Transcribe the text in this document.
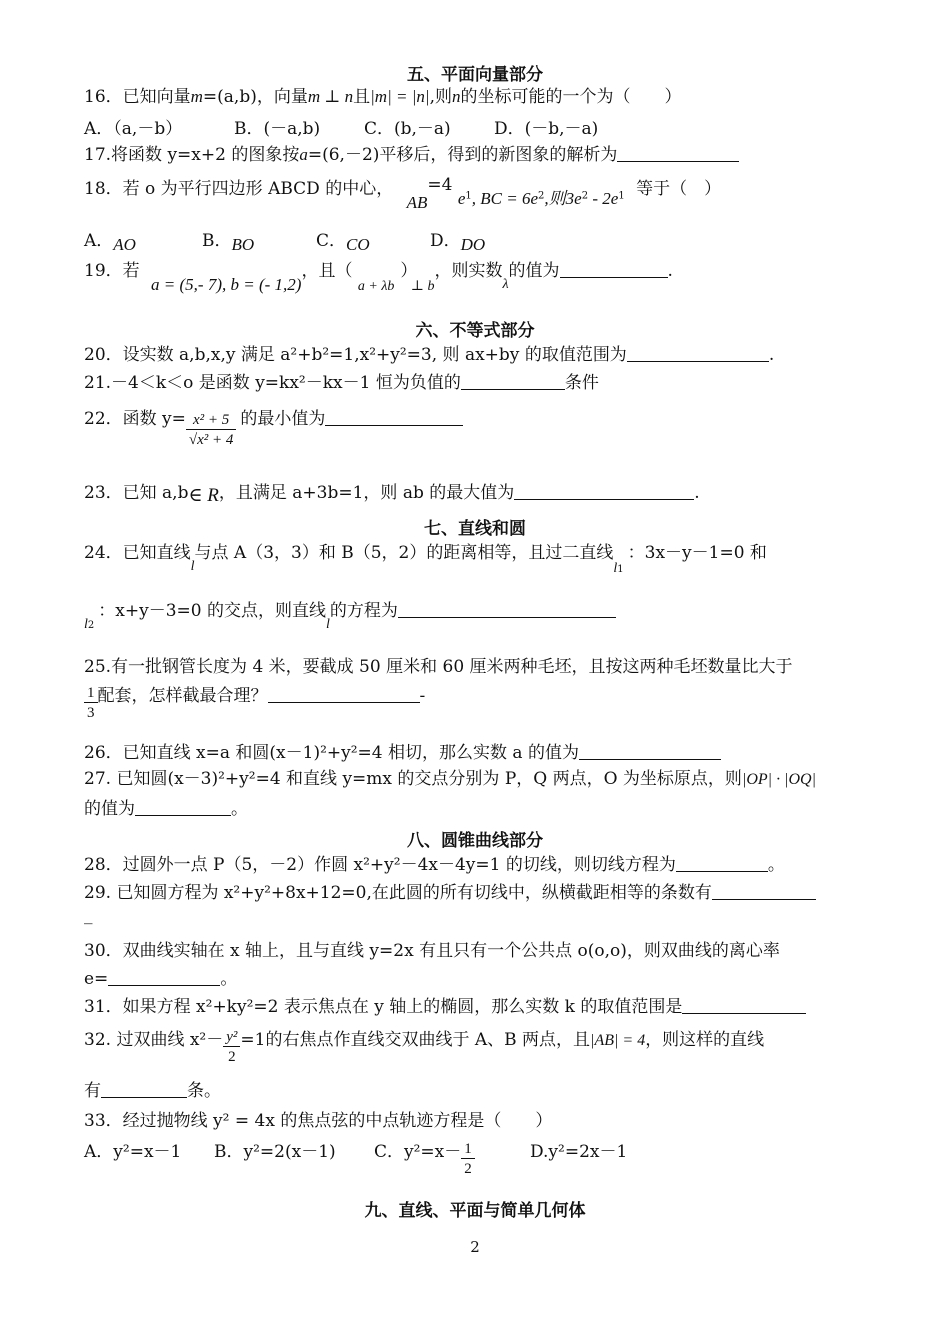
五、平面向量部分
16．已知向量m=(a,b)，向量m ⊥ n且|m| = |n|,则n的坐标可能的一个为（　　）
A．（a,－b）	B．(－a,b)	C．(b,－a)	D．(－b,－a)
17.将函数 y=x+2 的图象按a=(6,－2)平移后，得到的新图象的解析为
18．若 o 为平行四边形 ABCD 的中心， AB=4 $e_1$, BC = $6e_2$,则$3e_2 - 2e_1$ 等于（　）
A．AO	B．BO	C．CO	D．DO
19．若 a = (5,- 7), b = (- 1,2)，且（ $_{a + \lambda b}$） $_{\perp b}$，则实数$_\lambda$的值为	.
六、不等式部分
20．设实数 a,b,x,y 满足 a²+b²=1,x²+y²=3, 则 ax+by 的取值范围为	.
21.－4＜k＜o 是函数 y=kx²－kx－1 恒为负值的	条件
22．函数 $y= \frac{\text{x² + 5}}{\text{√x² + 4}}$ 的最小值为
23．已知 a,b∈ R，且满足 a+3b=1，则 ab 的最大值为	.
七、直线和圆
24．已知直线$_l$与点 A（3，3）和 B（5，2）的距离相等，且过二直线$_{l1}$：3x－y－1=0 和
$_{l2}$：x+y－3=0 的交点，则直线$_l$的方程为
25.有一批钢管长度为 4 米，要截成 50 厘米和 60 厘米两种毛坯，且按这两种毛坯数量比大于
$\frac{1}{3}$ 配套，怎样截最合理？	-
26．已知直线 x=a 和圆(x－1)²+y²=4 相切，那么实数 a 的值为
27. 已知圆(x－3)²+y²=4 和直线 y=mx 的交点分别为 P，Q 两点，O 为坐标原点，则|OP| · |OQ|
的值为	。
八、圆锥曲线部分
28．过圆外一点 P（5，－2）作圆 x²+y²－4x－4y=1 的切线，则切线方程为	。
29. 已知圆方程为 x²+y²+8x+12=0,在此圆的所有切线中，纵横截距相等的条数有
_
30．双曲线实轴在 x 轴上，且与直线 y=2x 有且只有一个公共点 o(o,o)，则双曲线的离心率
e=	。
31．如果方程 x²+ky²=2 表示焦点在 y 轴上的椭圆，那么实数 k 的取值范围是
32. 过双曲线 $x^2- \frac{\text{y²}}{2} =1$的右焦点作直线交双曲线于 A、B 两点，且|AB| = 4，则这样的直线
有	条。
33．经过抛物线 y² = 4x 的焦点弦的中点轨迹方程是（　　）
A．y²=x－1 B．y²=2(x－1) C．$y^2=x- \frac{1}{2}$	D.y²=2x－1
九、直线、平面与简单几何体
2
